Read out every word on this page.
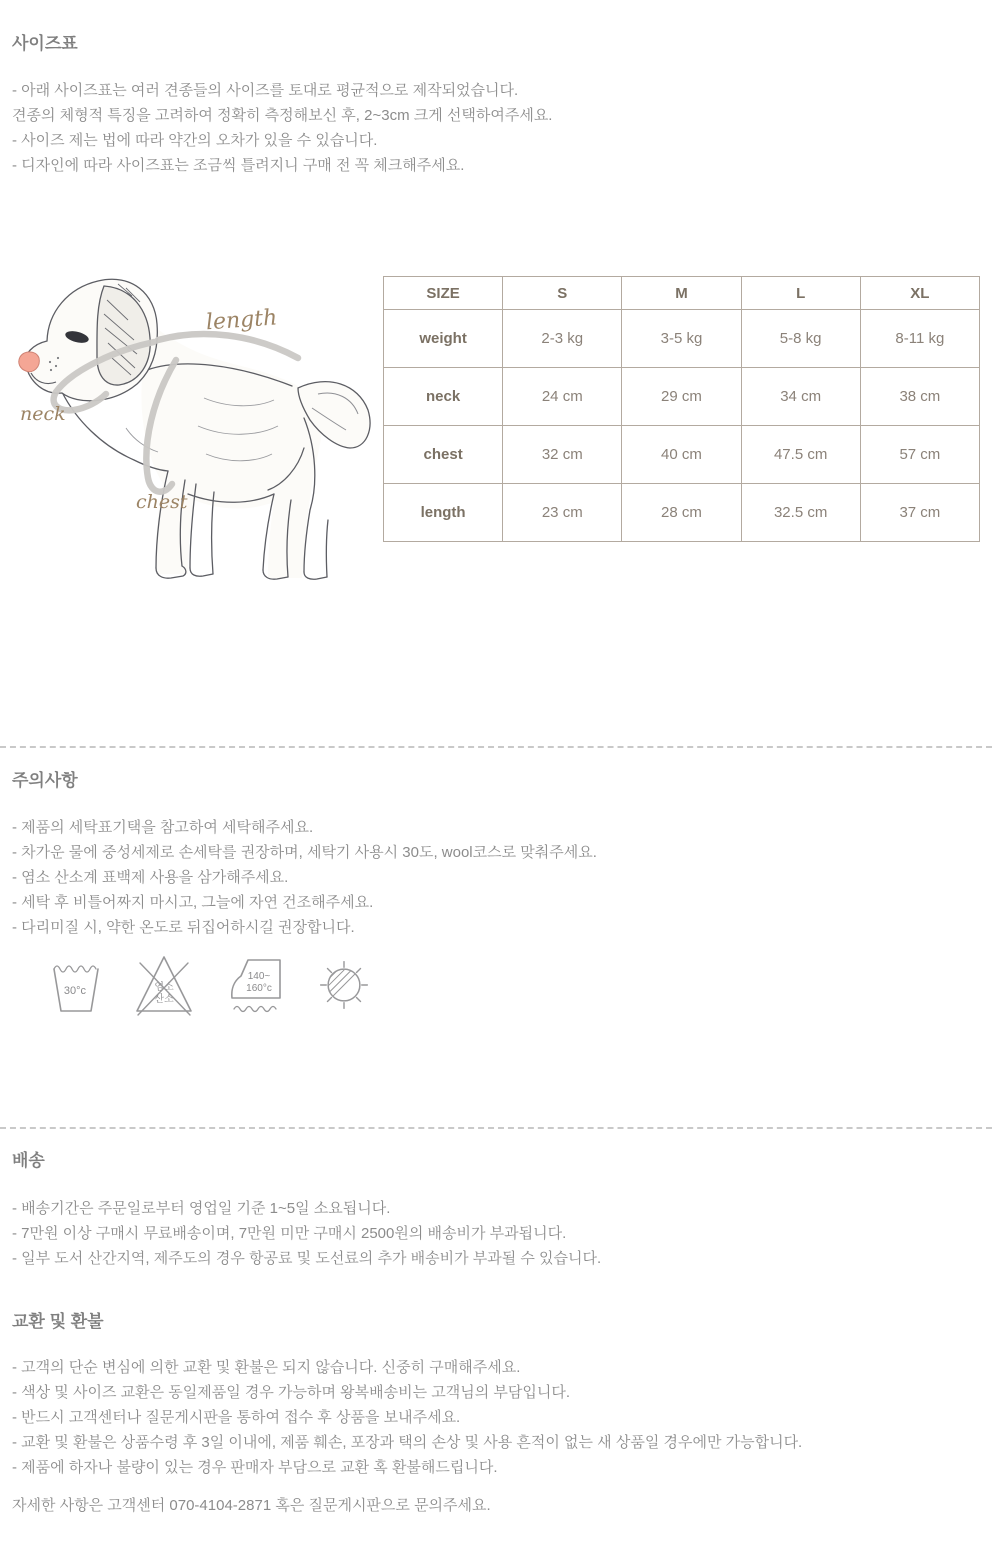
사이즈표

- 아래 사이즈표는 여러 견종들의 사이즈를 토대로 평균적으로 제작되었습니다.

견종의 체형적 특징을 고려하여 정확히 측정해보신 후, 2~3cm 크게 선택하여주세요.

- 사이즈 제는 법에 따라 약간의 오차가 있을 수 있습니다.

- 디자인에 따라 사이즈표는 조금씩 틀려지니 구매 전 꼭 체크해주세요.

length
neck
chest
SIZE	S	M	L	XL
weight	2-3 kg	3-5 kg	5-8 kg	8-11 kg
neck	24 cm	29 cm	34 cm	38 cm
chest	32 cm	40 cm	47.5 cm	57 cm
length	23 cm	28 cm	32.5 cm	37 cm
주의사항

- 제품의 세탁표기택을 참고하여 세탁해주세요.

- 차가운 물에 중성세제로 손세탁를 권장하며, 세탁기 사용시 30도, wool코스로 맞춰주세요.

- 염소 산소계 표백제 사용을 삼가해주세요.

- 세탁 후 비틀어짜지 마시고, 그늘에 자연 건조해주세요.

- 다리미질 시, 약한 온도로 뒤집어하시길 권장합니다.

30°c	염소
산소
140~
160°c
배송

- 배송기간은 주문일로부터 영업일 기준 1~5일 소요됩니다.

- 7만원 이상 구매시 무료배송이며, 7만원 미만 구매시 2500원의 배송비가 부과됩니다.

- 일부 도서 산간지역, 제주도의 경우 항공료 및 도선료의 추가 배송비가 부과될 수 있습니다.

교환 및 환불

- 고객의 단순 변심에 의한 교환 및 환불은 되지 않습니다. 신중히 구매해주세요.

- 색상 및 사이즈 교환은 동일제품일 경우 가능하며 왕복배송비는 고객님의 부담입니다.

- 반드시 고객센터나 질문게시판을 통하여 접수 후 상품을 보내주세요.

- 교환 및 환불은 상품수령 후 3일 이내에, 제품 훼손, 포장과 택의 손상 및 사용 흔적이 없는 새 상품일 경우에만 가능합니다.

- 제품에 하자나 불량이 있는 경우 판매자 부담으로 교환 혹 환불해드립니다.

자세한 사항은 고객센터 070-4104-2871 혹은 질문게시판으로 문의주세요.
